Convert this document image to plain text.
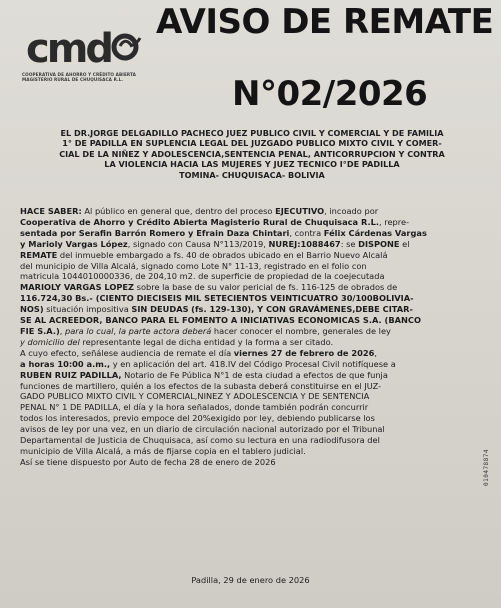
cmd
COOPERATIVA DE AHORRO Y CRÉDITO ABIERTA MAGISTERIO RURAL DE CHUQUISACA R.L.
AVISO DE REMATE
N°02/2026
EL DR.JORGE DELGADILLO PACHECO JUEZ PUBLICO CIVIL Y COMERCIAL Y DE FAMILIA
1° DE PADILLA EN SUPLENCIA LEGAL DEL JUZGADO PUBLICO MIXTO CIVIL Y COMER-
CIAL DE LA NIÑEZ Y ADOLESCENCIA,SENTENCIA PENAL, ANTICORRUPCION Y CONTRA
LA VIOLENCIA HACIA LAS MUJERES Y JUEZ TECNICO I°DE PADILLA
TOMINA- CHUQUISACA- BOLIVIA
HACE SABER: Al público en general que, dentro del proceso EJECUTIVO, incoado por
Cooperativa de Ahorro y Crédito Abierta Magisterio Rural de Chuquisaca R.L., repre-
sentada por Serafin Barrón Romero y Efrain Daza Chintari, contra Félix Cárdenas Vargas
y Marioly Vargas López, signado con Causa N°113/2019, NUREJ:1088467: se DISPONE el
REMATE del inmueble embargado a fs. 40 de obrados ubicado en el Barrio Nuevo Alcalá
del municipio de Villa Alcalá, signado como Lote N° 11-13, registrado en el folio con
matricula 1044010000336, de 204,10 m2. de superficie de propiedad de la coejecutada
MARIOLY VARGAS LOPEZ sobre la base de su valor pericial de fs. 116-125 de obrados de
116.724,30 Bs.- (CIENTO DIECISEIS MIL SETECIENTOS VEINTICUATRO 30/100BOLIVIA-
NOS) situación impositiva SIN DEUDAS (fs. 129-130), Y CON GRAVÁMENES,DEBE CITAR-
SE AL ACREEDOR, BANCO PARA EL FOMENTO A INICIATIVAS ECONOMICAS S.A. (BANCO
FIE S.A.), para lo cual, la parte actora deberá hacer conocer el nombre, generales de ley
y domicilio del representante legal de dicha entidad y la forma a ser citado.
A cuyo efecto, señálese audiencia de remate el día viernes 27 de febrero de 2026,
a horas 10:00 a.m., y en aplicación del art. 418.IV del Código Procesal Civil notifíquese a
RUBEN RUIZ PADILLA, Notario de Fe Pública N°1 de esta ciudad a efectos de que funja
funciones de martillero, quién a los efectos de la subasta deberá constituirse en el JUZ-
GADO PUBLICO MIXTO CIVIL Y COMERCIAL,NINEZ Y ADOLESCENCIA Y DE SENTENCIA
PENAL N° 1 DE PADILLA, el día y la hora señalados, donde también podrán concurrir
todos los interesados, previo empoce del 20%exigido por ley, debiendo publicarse los
avisos de ley por una vez, en un diario de circulación nacional autorizado por el Tribunal
Departamental de Justicia de Chuquisaca, así como su lectura en una radiodifusora del
municipio de Villa Alcalá, a más de fijarse copia en el tablero judicial.
Así se tiene dispuesto por Auto de fecha 28 de enero de 2026
Padilla, 29 de enero de 2026
010478874
